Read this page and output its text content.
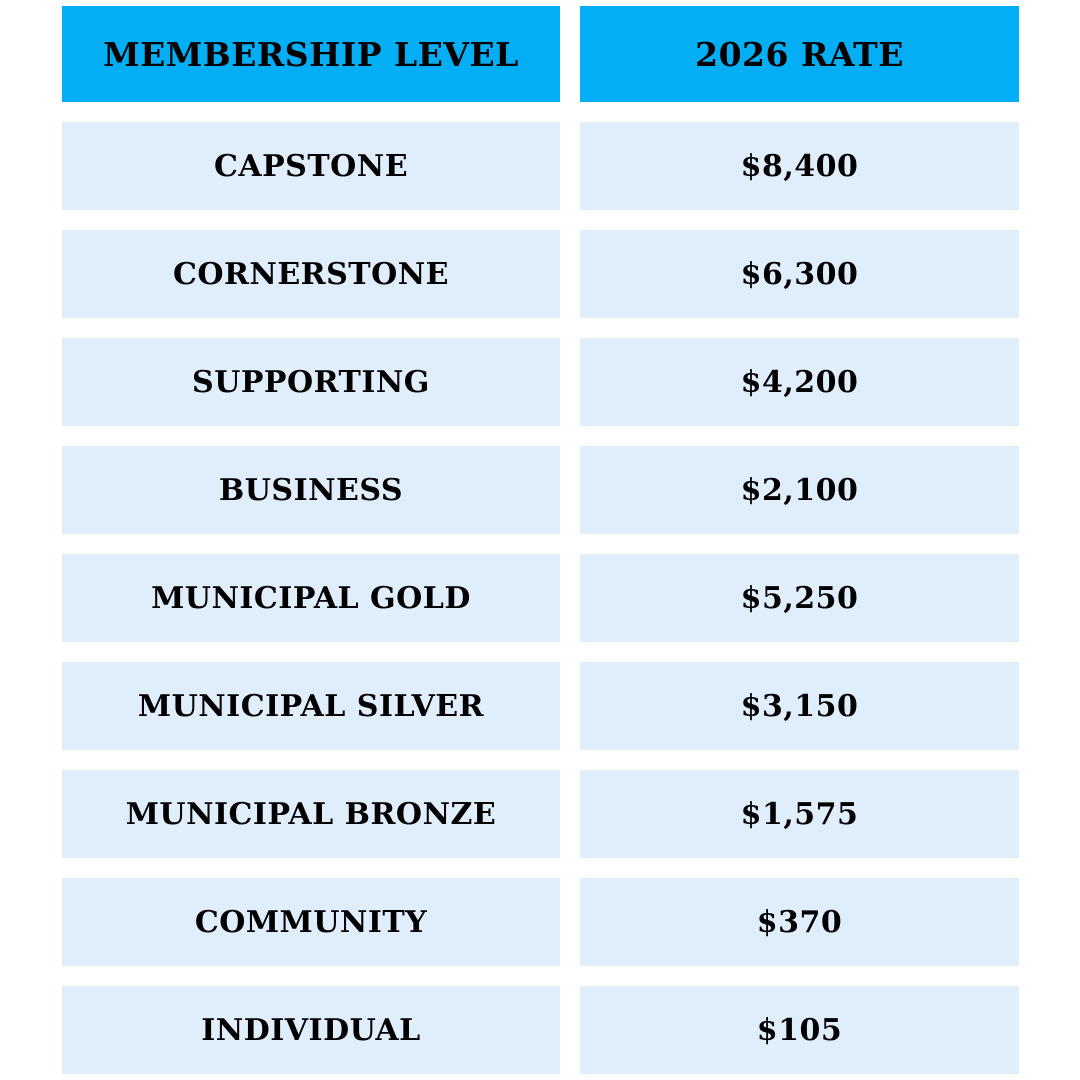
MEMBERSHIP LEVEL	2026 RATE
CAPSTONE	$8,400
CORNERSTONE	$6,300
SUPPORTING	$4,200
BUSINESS	$2,100
MUNICIPAL GOLD	$5,250
MUNICIPAL SILVER	$3,150
MUNICIPAL BRONZE	$1,575
COMMUNITY	$370
INDIVIDUAL	$105
